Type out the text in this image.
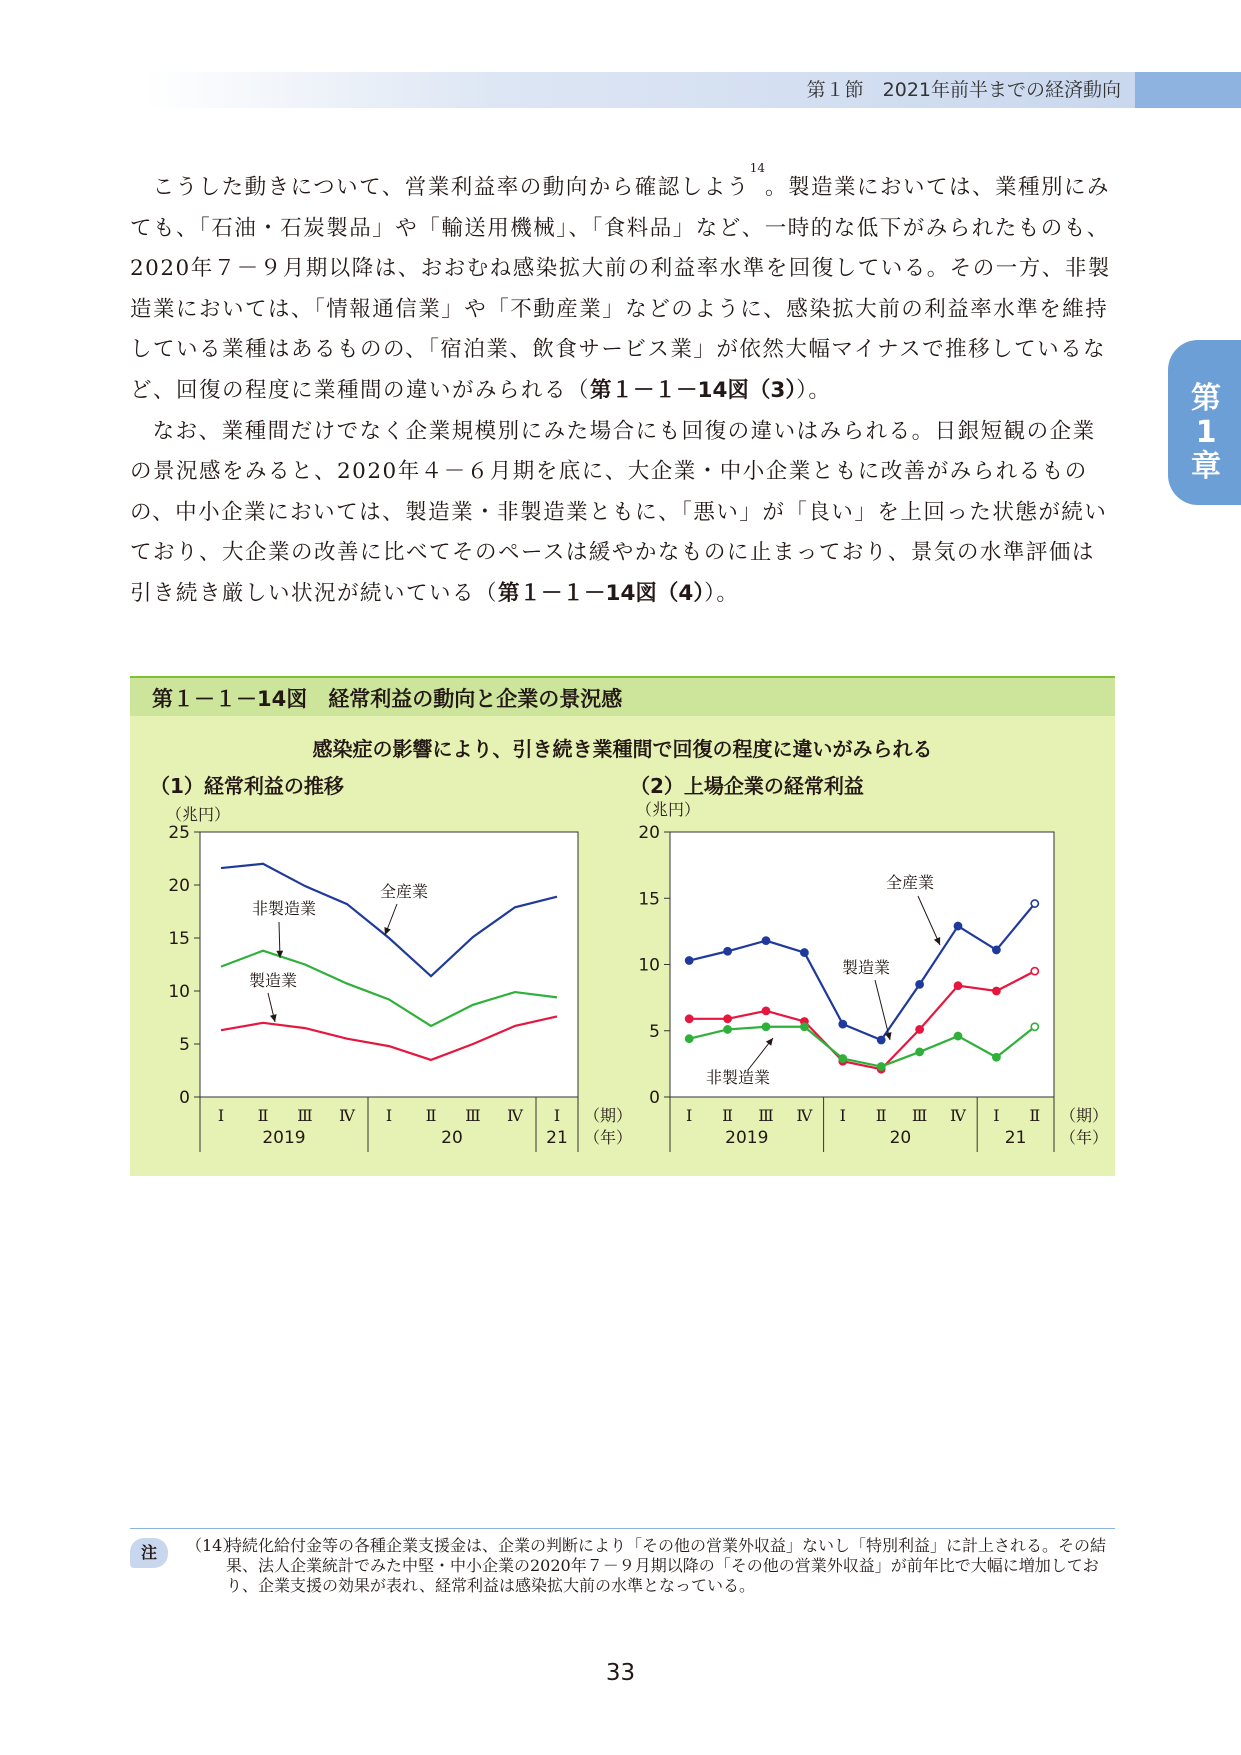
第１節　2021年前半までの経済動向
第
1
章

こうした動きについて、営業利益率の動向から確認しよう$^{14}$。製造業においては、業種別にみても、「石油・石炭製品」や「輸送用機械」、「食料品」など、一時的な低下がみられたものも、2020年７－９月期以降は、おおむね感染拡大前の利益率水準を回復している。その一方、非製造業においては、「情報通信業」や「不動産業」などのように、感染拡大前の利益率水準を維持している業種はあるものの、「宿泊業、飲食サービス業」が依然大幅マイナスで推移しているなど、回復の程度に業種間の違いがみられる（第１－１－14図（3））。

なお、業種間だけでなく企業規模別にみた場合にも回復の違いはみられる。日銀短観の企業の景況感をみると、2020年４－６月期を底に、大企業・中小企業ともに改善がみられるものの、中小企業においては、製造業・非製造業ともに、「悪い」が「良い」を上回った状態が続いており、大企業の改善に比べてそのペースは緩やかなものに止まっており、景気の水準評価は引き続き厳しい状況が続いている（第１－１－14図（4））。

第１－１－14図　経常利益の動向と企業の景況感
感染症の影響により、引き続き業種間で回復の程度に違いがみられる
（1）経常利益の推移	（2）上場企業の経常利益
0
5
10
15
20
25
（兆円）
Ⅰ Ⅱ Ⅲ Ⅳ Ⅰ Ⅱ Ⅲ Ⅳ Ⅰ
2019	20	21
（期）
（年）
全産業
非製造業
製造業
0
5
10
15
20
（兆円）
Ⅰ Ⅱ Ⅲ Ⅳ Ⅰ Ⅱ Ⅲ Ⅳ Ⅰ Ⅱ
2019	20	21
（期）
（年）
全産業
製造業
非製造業
注	（14）
持続化給付金等の各種企業支援金は、企業の判断により「その他の営業外収益」ないし「特別利益」に計上される。その結果、法人企業統計でみた中堅・中小企業の2020年７－９月期以降の「その他の営業外収益」が前年比で大幅に増加しており、企業支援の効果が表れ、経常利益は感染拡大前の水準となっている。
33
